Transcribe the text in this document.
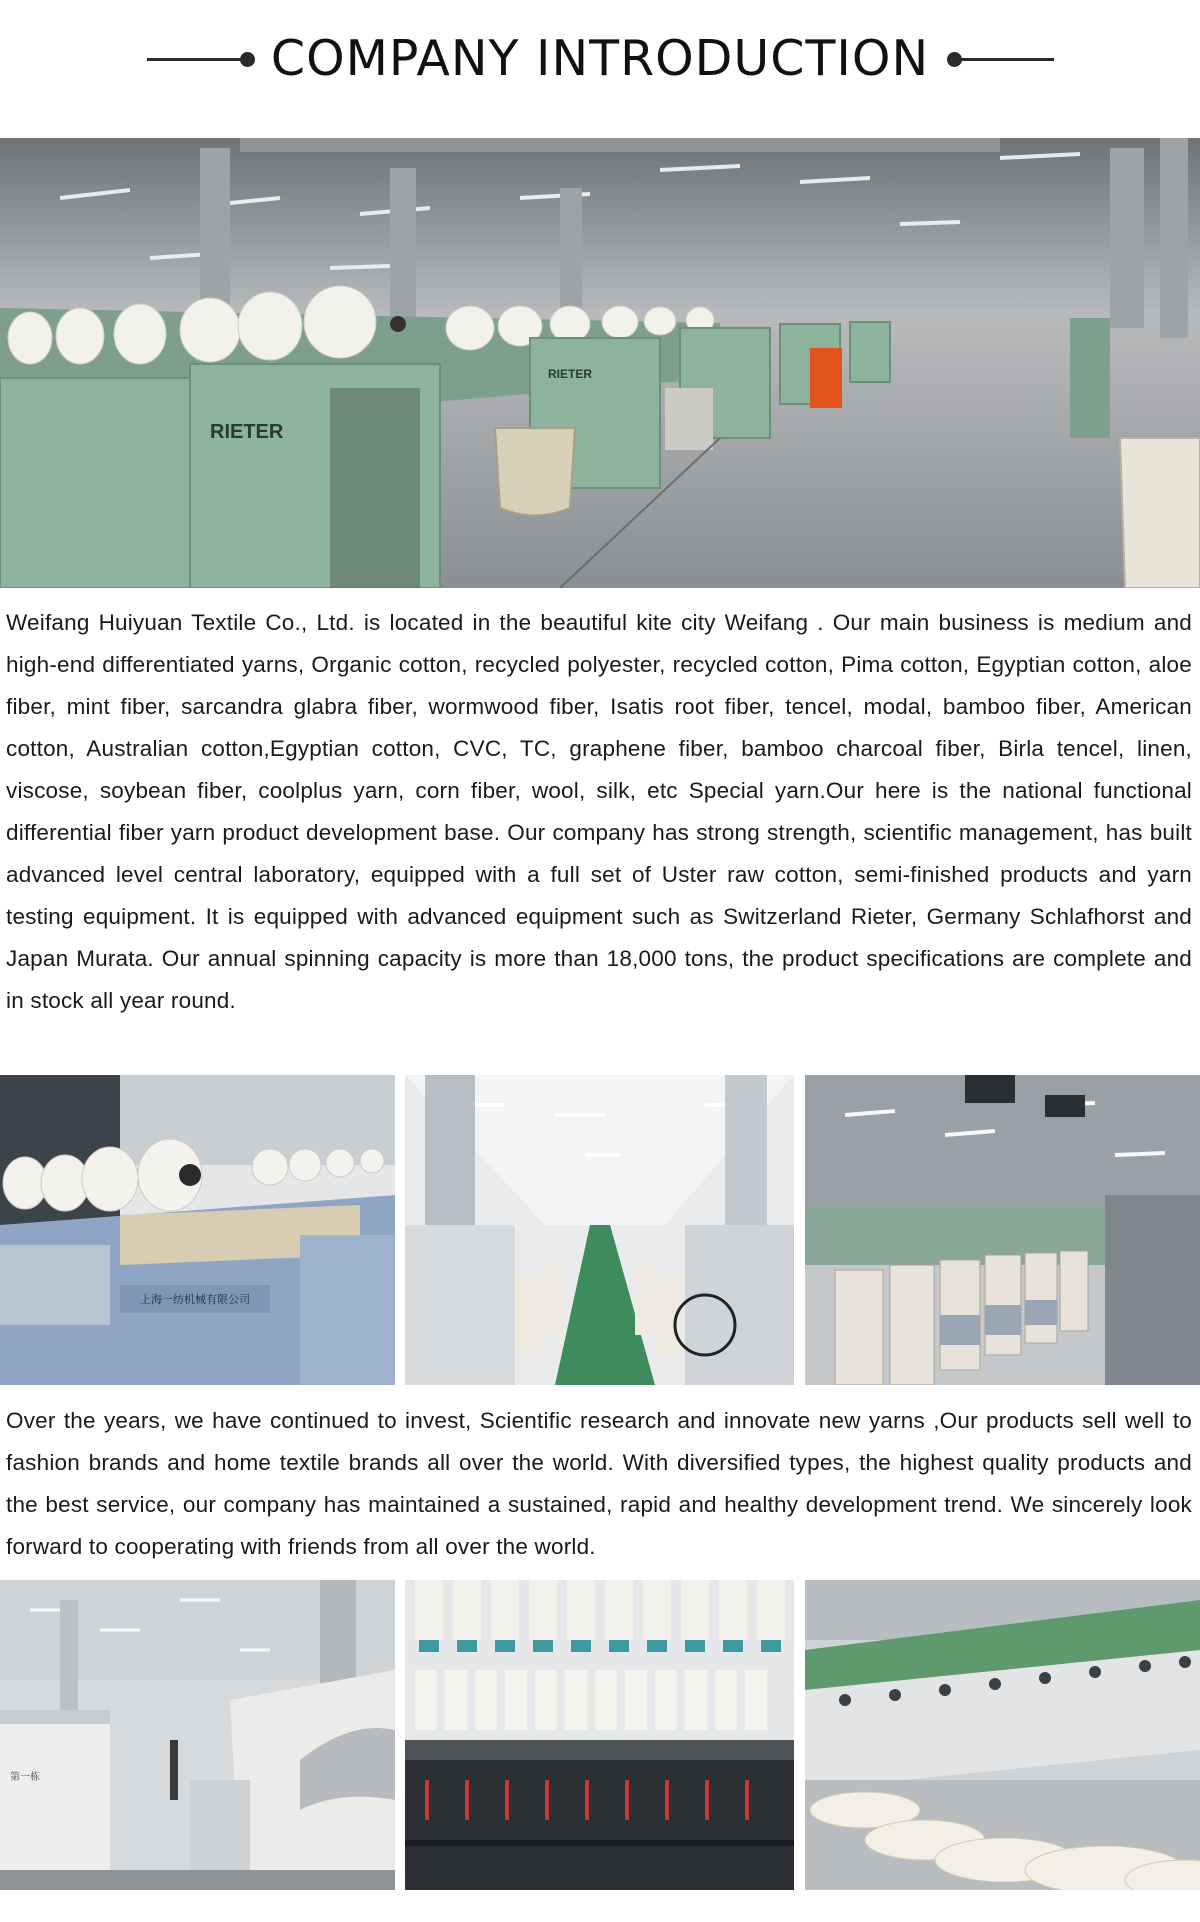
COMPANY INTRODUCTION
RIETER
RIETER
Weifang Huiyuan Textile Co., Ltd. is located in the beautiful kite city Weifang . Our main business is medium and high-end differentiated yarns, Organic cotton, recycled polyester, recycled cotton, Pima cotton, Egyptian cotton, aloe fiber, mint fiber, sarcandra glabra fiber, wormwood fiber, Isatis root fiber, tencel, modal, bamboo fiber, American cotton, Australian cotton,Egyptian cotton, CVC, TC, graphene fiber, bamboo charcoal fiber, Birla tencel, linen, viscose, soybean fiber, coolplus yarn, corn fiber, wool, silk, etc Special yarn.Our here is the national functional differential fiber yarn product development base. Our company has strong strength, scientific management, has built advanced level central laboratory, equipped with a full set of Uster raw cotton, semi-finished products and yarn testing equipment. It is equipped with advanced equipment such as Switzerland Rieter, Germany Schlafhorst and Japan Murata. Our annual spinning capacity is more than 18,000 tons, the product specifications are complete and in stock all year round.
上海一纺机械有限公司
Over the years, we have continued to invest, Scientific research and innovate new yarns ,Our products sell well to fashion brands and home textile brands all over the world. With diversified types, the highest quality products and the best service, our company has maintained a sustained, rapid and healthy development trend. We sincerely look forward to cooperating with friends from all over the world.
第一栋
